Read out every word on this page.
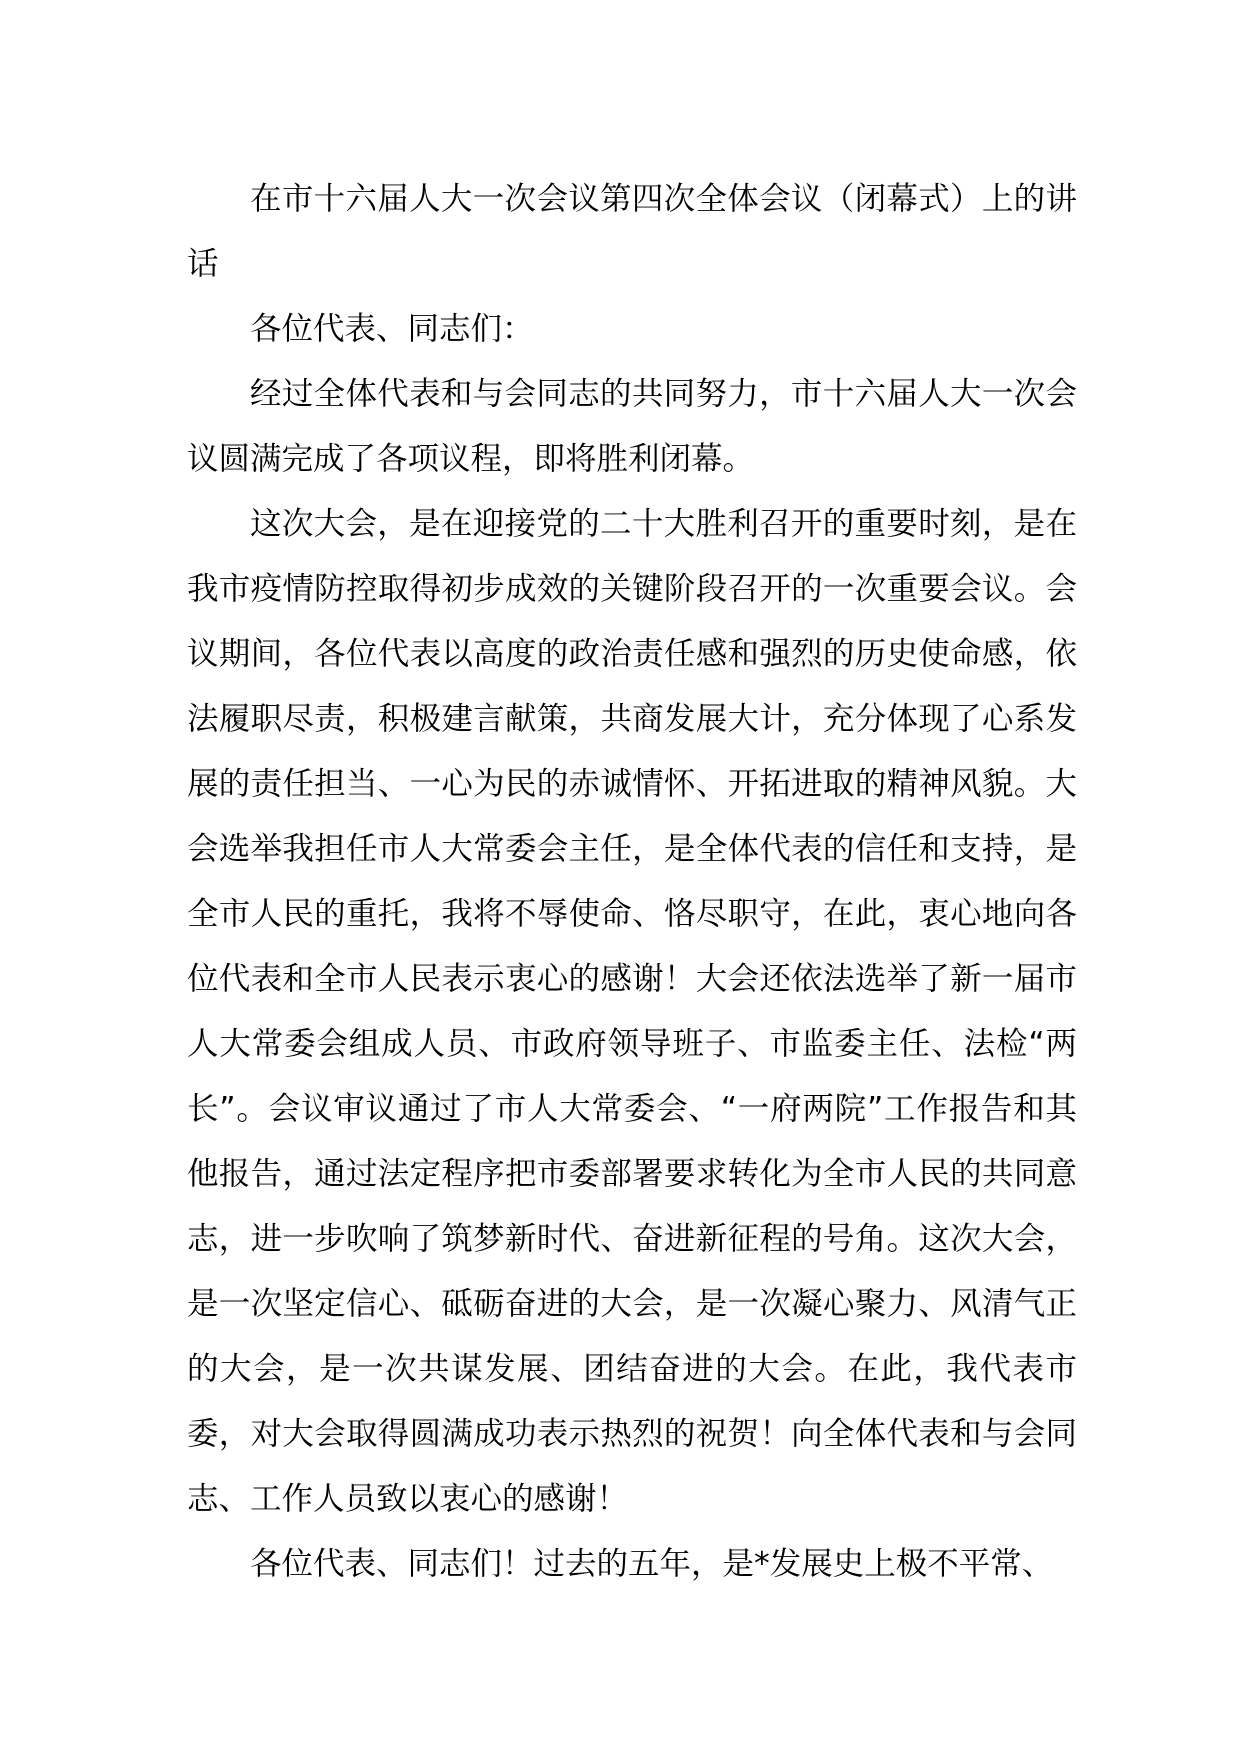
在市十六届人大一次会议第四次全体会议（闭幕式）上的讲话

各位代表、同志们：

经过全体代表和与会同志的共同努力，市十六届人大一次会议圆满完成了各项议程，即将胜利闭幕。

这次大会，是在迎接党的二十大胜利召开的重要时刻，是在我市疫情防控取得初步成效的关键阶段召开的一次重要会议。会议期间，各位代表以高度的政治责任感和强烈的历史使命感，依法履职尽责，积极建言献策，共商发展大计，充分体现了心系发展的责任担当、一心为民的赤诚情怀、开拓进取的精神风貌。大会选举我担任市人大常委会主任，是全体代表的信任和支持，是全市人民的重托，我将不辱使命、恪尽职守，在此，衷心地向各位代表和全市人民表示衷心的感谢！大会还依法选举了新一届市人大常委会组成人员、市政府领导班子、市监委主任、法检“两长”。会议审议通过了市人大常委会、“一府两院”工作报告和其他报告，通过法定程序把市委部署要求转化为全市人民的共同意志，进一步吹响了筑梦新时代、奋进新征程的号角。这次大会，是一次坚定信心、砥砺奋进的大会，是一次凝心聚力、风清气正的大会，是一次共谋发展、团结奋进的大会。在此，我代表市委，对大会取得圆满成功表示热烈的祝贺！向全体代表和与会同志、工作人员致以衷心的感谢！

各位代表、同志们！过去的五年，是*发展史上极不平常、
